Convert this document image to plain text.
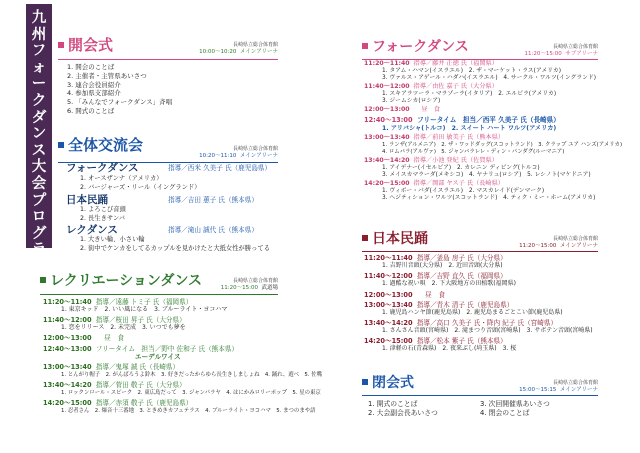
九州フォークダンス大会 プログラム
開会式	長崎県立総合体育館
10:00～10:20 メインアリーナ
1. 開会のことば
2. 主催者・主管県あいさつ
3. 連合会役員紹介
4. 参加県支部紹介
5. 「みんなでフォークダンス」斉唱
6. 開式のことば
全体交流会	長崎県立総合体育館
10:20～11:10 メインアリーナ
フォークダンス	指導／西米 久美子 氏（鹿児島県）
1. オースザンナ（アメリカ）
2. バージャーズ・リール（イングランド）
日本民踊	指導／吉田 蕙子 氏（熊本県）
1. よろこび音頭
2. 長生きサンバ
レクダンス	指導／滝山 誠代 氏（熊本県）
1. 大きい輪、小さい輪
2. 街中でケンカをしてるカップルを見かけたと大抵女性が勝ってる
レクリエーションダンス	長崎県立総合体育館
11:20～15:00 武道場
11:20～11:40 指導／遠藤 トミ子 氏（福岡県）
1. 東京キッド　2. いい風になる　3. ブルーライト・ヨコハマ
11:40～12:00 指導／桜田 昇子 氏（大分県）
1. 恋をリリース　2. 未完成　3. いつでも夢を
12:00～13:00 昼　食
12:40～13:00 フリータイム　担当／野中 佐和子 氏（熊本県）
エーデルワイス
13:00～13:40 指導／鬼塚 誠 氏（長崎県）
1. とんがり帽子　2. がんばろうよ鈴木　3. 好きだったからゆら長生きしましょね　4. 踊れ、遊べ　5. 佐嘴
13:40～14:20 指導／菅田 敬子 氏（大分県）
1. ロックンロール・スピーク　2. 東広島だって　3. ジャンパラヤ　4. はにかみロリーポップ　5. 星の東京
14:20～15:00 指導／赤須 敬子 氏（鹿児島県）
1. 忍者さん　2. 爆音十三番地　3. ときめきカフェテラス　4. ブルーライト・ヨコハマ　5. まつのまや語
フォークダンス	長崎県立総合体育館
11:20～15:00 サブアリーナ
11:20～11:40 指導／藤井 正徳 氏（福岡県）
1. タアム・ハマン(イスラエル)　2. ザ・マーケット・ラス(アメリカ)
3. ヴァルス・アゲール・ハダハ(イスラエル)　4. サークル・ワルツ(イングランド)
11:40～12:00 指導／由佐 嘉子 氏（大分県）
1. スキアラツーラ・マラゾーラ(イタリア)　2. エルビラ(アメリカ)
3. ジームシカ(ロシア)
12:00～13:00 昼　食
12:40～13:00 フリータイム　担当／西平 久美子 氏（長崎県）
1. アリバシャ(トルコ)　2. スイート ハート ワルツ(アメリカ)
13:00～13:40 指導／前田 敏美子 氏（熊本県）
1. ランザ(アルメニア)　2. ザ・ワッドダッグ(スコットランド)　3. クラップ ユア ハンズ(アメリカ)
4. ロムバラ(アルヴァ)　5. ジャンバラレレ・ディン・パンダグ(ルーマニア)
13:40～14:20 指導／小池 登紀 氏（佐賀県）
1. アイデナー(イセルビア)　2. カレニン ディビング(トルコ)
3. メイスカマラーダ(メキシコ)　4. ヤナリュ(ロシア)　5. レシノト(マケドニア)
14:20～15:00 指導／岡部 ヤス子 氏（長崎県）
1. ヴィボー・パダ(イスラエル)　2. マスカレイド(デンマーク)
3. ヘジティション・ワルツ(スコットランド)　4. ティク・ミー・ホーム(アメリカ)
日本民踊	長崎県立総合体育館
11:20～15:00 メインアリーナ
11:20～11:40 指導／釜島 房子 氏（大分県）
1. 吉野川音頭(大分県)　2. 近田音頭(大分県)
11:40～12:00 指導／吉野 直久 氏（福岡県）
1. 過酷な祝い唄　2. 下大阪地方の田植歌(福岡県)
12:00～13:00 昼　食
13:00～13:40 指導／青木 清子 氏（鹿児島県）
1. 鹿児島ハンヤ節(鹿児島県)　2. 鹿児島まるごとこい節(鹿児島県)
13:40～14:20 指導／高口 久美子 氏・降内 紀子 氏（宮崎県）
1. さんさん音頭(宮崎県)　2. 滝まつり音頭(宮崎県)　3. サボテン音頭(宮崎県)
14:20～15:00 指導／松本 紫子 氏（熊本県）
1. 津軽の石(青森県)　2. 夜来ぶし(埼玉県)　3. 桜
閉会式	長崎県立総合体育館
15:00～15:15 メインアリーナ
1. 開式のことば
2. 大会副会長あいさつ
3. 次回開催県あいさつ
4. 閉会のことば
